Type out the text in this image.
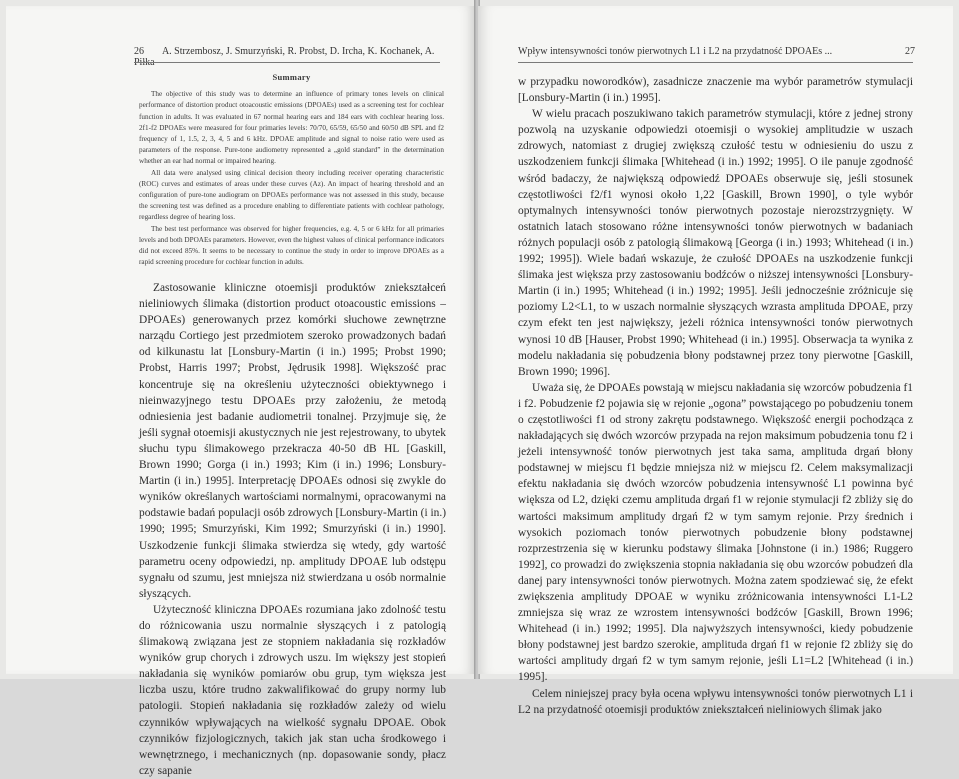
26 A. Strzembosz, J. Smurzyński, R. Probst, D. Ircha, K. Kochanek, A. Piłka
Summary

The objective of this study was to determine an influence of primary tones levels on clinical performance of distortion product otoacoustic emissions (DPOAEs) used as a screening test for cochlear function in adults. It was evaluated in 67 normal hearing ears and 184 ears with cochlear hearing loss. 2f1-f2 DPOAEs were measured for four primaries levels: 70/70, 65/59, 65/50 and 60/50 dB SPL and f2 frequency of 1, 1.5, 2, 3, 4, 5 and 6 kHz. DPOAE amplitude and signal to noise ratio were used as parameters of the response. Pure-tone audiometry represented a „gold standard” in the determination whether an ear had normal or impaired hearing.

All data were analysed using clinical decision theory including receiver operating characteristic (ROC) curves and estimates of areas under these curves (Az). An impact of hearing threshold and an configuration of pure-tone audiogram on DPOAEs performance was not assessed in this study, because the screening test was defined as a procedure enabling to differentiate patients with cochlear pathology, regardless degree of hearing loss.

The best test performance was observed for higher frequencies, e.g. 4, 5 or 6 kHz for all primaries levels and both DPOAEs parameters. However, even the highest values of clinical performance indicators did not exceed 85%. It seems to be necessary to continue the study in order to improve DPOAEs as a rapid screening procedure for cochlear function in adults.

Zastosowanie kliniczne otoemisji produktów zniekształceń nieliniowych ślimaka (distortion product otoacoustic emissions – DPOAEs) generowanych przez komórki słuchowe zewnętrzne narządu Cortiego jest przedmiotem szeroko prowadzonych badań od kilkunastu lat [Lonsbury-Martin (i in.) 1995; Probst 1990; Probst, Harris 1997; Probst, Jędrusik 1998]. Większość prac koncentruje się na określeniu użyteczności obiektywnego i nieinwazyjnego testu DPOAEs przy założeniu, że metodą odniesienia jest badanie audiometrii tonalnej. Przyjmuje się, że jeśli sygnał otoemisji akustycznych nie jest rejestrowany, to ubytek słuchu typu ślimakowego przekracza 40-50 dB HL [Gaskill, Brown 1990; Gorga (i in.) 1993; Kim (i in.) 1996; Lonsbury-Martin (i in.) 1995]. Interpretację DPOAEs odnosi się zwykle do wyników określanych wartościami normalnymi, opracowanymi na podstawie badań populacji osób zdrowych [Lonsbury-Martin (i in.) 1990; 1995; Smurzyński, Kim 1992; Smurzyński (i in.) 1990]. Uszkodzenie funkcji ślimaka stwierdza się wtedy, gdy wartość parametru oceny odpowiedzi, np. amplitudy DPOAE lub odstępu sygnału od szumu, jest mniejsza niż stwierdzana u osób normalnie słyszących.

Użyteczność kliniczna DPOAEs rozumiana jako zdolność testu do różnicowania uszu normalnie słyszących i z patologią ślimakową związana jest ze stopniem nakładania się rozkładów wyników grup chorych i zdrowych uszu. Im większy jest stopień nakładania się wyników pomiarów obu grup, tym większa jest liczba uszu, które trudno zakwalifikować do grupy normy lub patologii. Stopień nakładania się rozkładów zależy od wielu czynników wpływających na wielkość sygnału DPOAE. Obok czynników fizjologicznych, takich jak stan ucha środkowego i wewnętrznego, i mechanicznych (np. dopasowanie sondy, płacz czy sapanie

Wpływ intensywności tonów pierwotnych L1 i L2 na przydatność DPOAEs ...	27

w przypadku noworodków), zasadnicze znaczenie ma wybór parametrów stymulacji [Lonsbury-Martin (i in.) 1995].

W wielu pracach poszukiwano takich parametrów stymulacji, które z jednej strony pozwolą na uzyskanie odpowiedzi otoemisji o wysokiej amplitudzie w uszach zdrowych, natomiast z drugiej zwiększą czułość testu w odniesieniu do uszu z uszkodzeniem funkcji ślimaka [Whitehead (i in.) 1992; 1995]. O ile panuje zgodność wśród badaczy, że największą odpowiedź DPOAEs obserwuje się, jeśli stosunek częstotliwości f2/f1 wynosi około 1,22 [Gaskill, Brown 1990], o tyle wybór optymalnych intensywności tonów pierwotnych pozostaje nierozstrzygnięty. W ostatnich latach stosowano różne intensywności tonów pierwotnych w badaniach różnych populacji osób z patologią ślimakową [Georga (i in.) 1993; Whitehead (i in.) 1992; 1995]). Wiele badań wskazuje, że czułość DPOAEs na uszkodzenie funkcji ślimaka jest większa przy zastosowaniu bodźców o niższej intensywności [Lonsbury-Martin (i in.) 1995; Whitehead (i in.) 1992; 1995]. Jeśli jednocześnie zróżnicuje się poziomy L2<L1, to w uszach normalnie słyszących wzrasta amplituda DPOAE, przy czym efekt ten jest największy, jeżeli różnica intensywności tonów pierwotnych wynosi 10 dB [Hauser, Probst 1990; Whitehead (i in.) 1995]. Obserwacja ta wynika z modelu nakładania się pobudzenia błony podstawnej przez tony pierwotne [Gaskill, Brown 1990; 1996].

Uważa się, że DPOAEs powstają w miejscu nakładania się wzorców pobudzenia f1 i f2. Pobudzenie f2 pojawia się w rejonie „ogona” powstającego po pobudzeniu tonem o częstotliwości f1 od strony zakrętu podstawnego. Większość energii pochodząca z nakładających się dwóch wzorców przypada na rejon maksimum pobudzenia tonu f2 i jeżeli intensywność tonów pierwotnych jest taka sama, amplituda drgań błony podstawnej w miejscu f1 będzie mniejsza niż w miejscu f2. Celem maksymalizacji efektu nakładania się dwóch wzorców pobudzenia intensywność L1 powinna być większa od L2, dzięki czemu amplituda drgań f1 w rejonie stymulacji f2 zbliży się do wartości maksimum amplitudy drgań f2 w tym samym rejonie. Przy średnich i wysokich poziomach tonów pierwotnych pobudzenie błony podstawnej rozprzestrzenia się w kierunku podstawy ślimaka [Johnstone (i in.) 1986; Ruggero 1992], co prowadzi do zwiększenia stopnia nakładania się obu wzorców pobudzeń dla danej pary intensywności tonów pierwotnych. Można zatem spodziewać się, że efekt zwiększenia amplitudy DPOAE w wyniku zróżnicowania intensywności L1-L2 zmniejsza się wraz ze wzrostem intensywności bodźców [Gaskill, Brown 1996; Whitehead (i in.) 1992; 1995]. Dla najwyższych intensywności, kiedy pobudzenie błony podstawnej jest bardzo szerokie, amplituda drgań f1 w rejonie f2 zbliży się do wartości amplitudy drgań f2 w tym samym rejonie, jeśli L1=L2 [Whitehead (i in.) 1995].

Celem niniejszej pracy była ocena wpływu intensywności tonów pierwotnych L1 i L2 na przydatność otoemisji produktów zniekształceń nieliniowych ślimak jako
